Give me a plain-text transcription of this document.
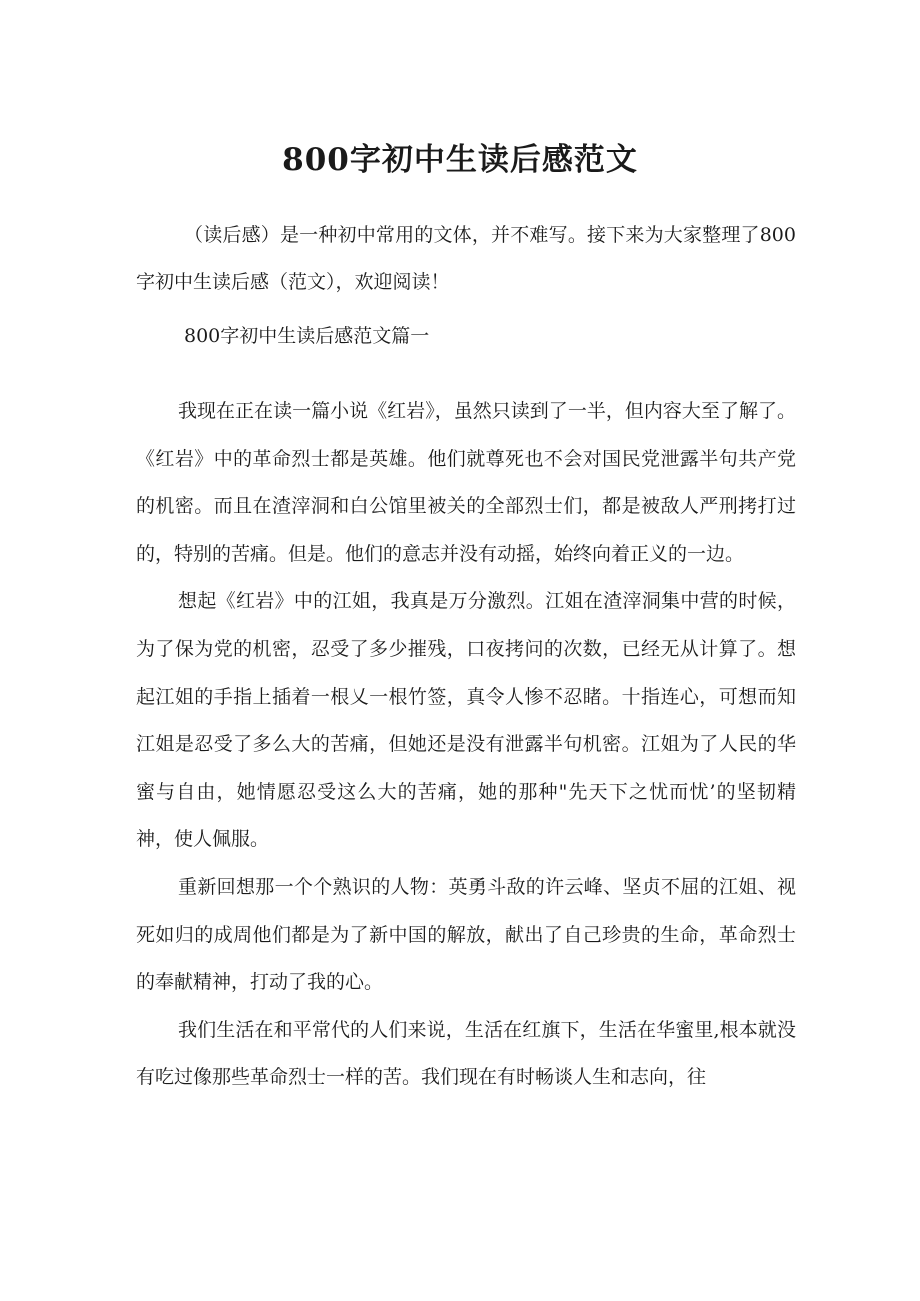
800字初中生读后感范文

（读后感）是一种初中常用的文体，并不难写。接下来为大家整理了800字初中生读后感（范文），欢迎阅读！

800字初中生读后感范文篇一

我现在正在读一篇小说《红岩》，虽然只读到了一半，但内容大至了解了。《红岩》中的革命烈士都是英雄。他们就尊死也不会对国民党泄露半句共产党的机密。而且在渣滓洞和白公馆里被关的全部烈士们，都是被敌人严刑拷打过的，特别的苦痛。但是。他们的意志并没有动摇，始终向着正义的一边。

想起《红岩》中的江姐，我真是万分激烈。江姐在渣滓洞集中营的时候，为了保为党的机密，忍受了多少摧残，口夜拷问的次数，已经无从计算了。想起江姐的手指上插着一根乂一根竹签，真令人惨不忍睹。十指连心，可想而知江姐是忍受了多么大的苦痛，但她还是没有泄露半句机密。江姐为了人民的华蜜与自由，她情愿忍受这么大的苦痛，她的那种"先天下之忧而忧’的坚韧精神，使人佩服。

重新回想那一个个熟识的人物：英勇斗敌的许云峰、坚贞不屈的江姐、视死如归的成周他们都是为了新中国的解放，献出了自己珍贵的生命，革命烈士的奉献精神，打动了我的心。

我们生活在和平常代的人们来说，生活在红旗下，生活在华蜜里,根本就没有吃过像那些革命烈士一样的苦。我们现在有时畅谈人生和志向，往
